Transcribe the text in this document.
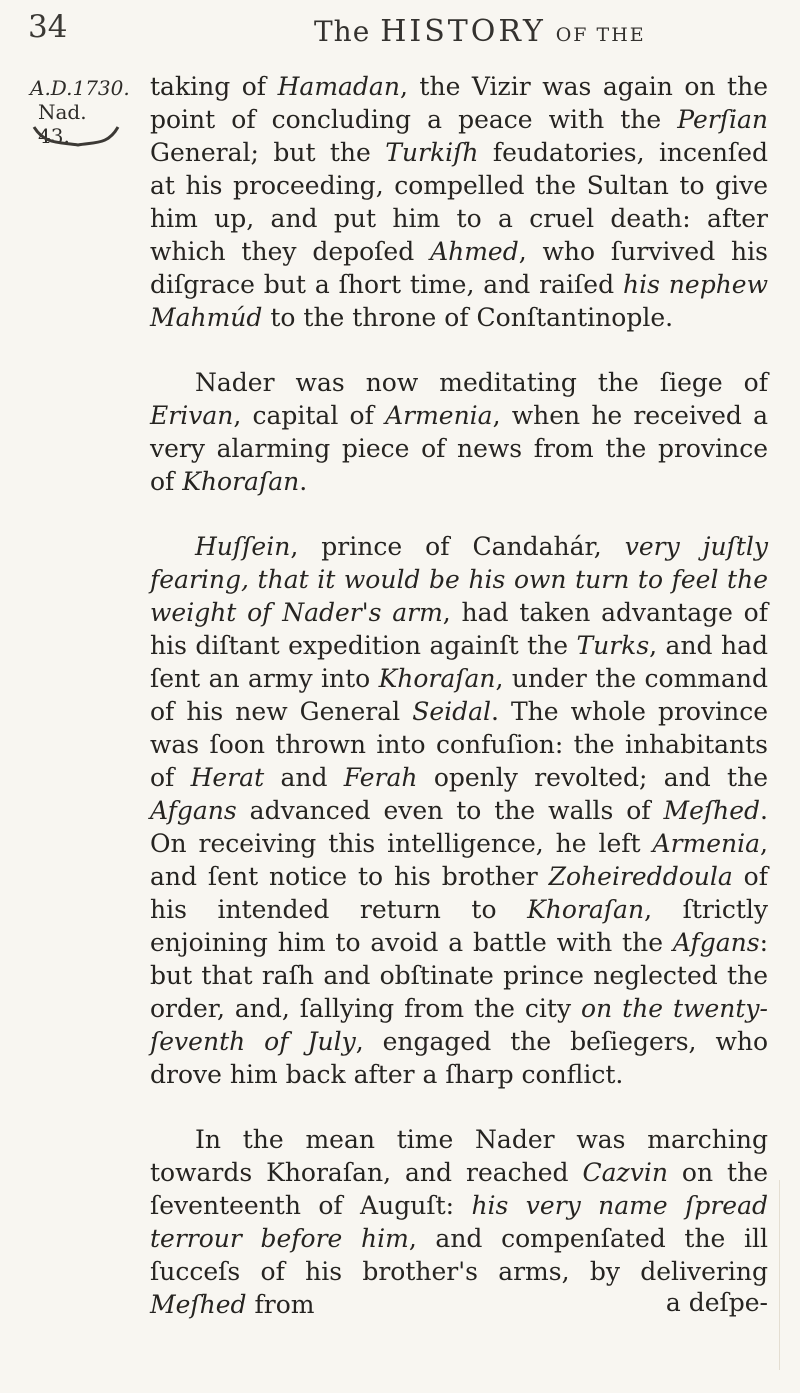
34	The HISTORY OF THE
A.D.1730.
Nad. 43.

taking of Hamadan, the Vizir was again on the point of concluding a peace with the Perſian General; but the Turkiſh feudatories, incenſed at his proceeding, compelled the Sultan to give him up, and put him to a cruel death: after which they depoſed Ahmed, who ſurvived his diſgrace but a ſhort time, and raiſed his nephew Mahmúd to the throne of Conſtantinople.

Nader was now meditating the ſiege of Erivan, capital of Armenia, when he received a very alarming piece of news from the province of Khoraſan.

Huſſein, prince of Candahár, very juſtly fearing, that it would be his own turn to feel the weight of Nader's arm, had taken advantage of his diſtant expedition againſt the Turks, and had ſent an army into Khoraſan, under the command of his new General Seidal. The whole province was ſoon thrown into confuſion: the inhabitants of Herat and Ferah openly revolted; and the Afgans advanced even to the walls of Meſhed. On receiving this intelligence, he left Armenia, and ſent notice to his brother Zoheireddoula of his intended return to Khoraſan, ſtrictly enjoining him to avoid a battle with the Afgans: but that raſh and obſtinate prince neglected the order, and, ſallying from the city on the twenty-ſeventh of July, engaged the beſiegers, who drove him back after a ſharp conflict.

In the mean time Nader was marching towards Khoraſan, and reached Cazvin on the ſeventeenth of Auguſt: his very name ſpread terrour before him, and compenſated the ill ſucceſs of his brother's arms, by delivering Meſhed from	a deſpe-
